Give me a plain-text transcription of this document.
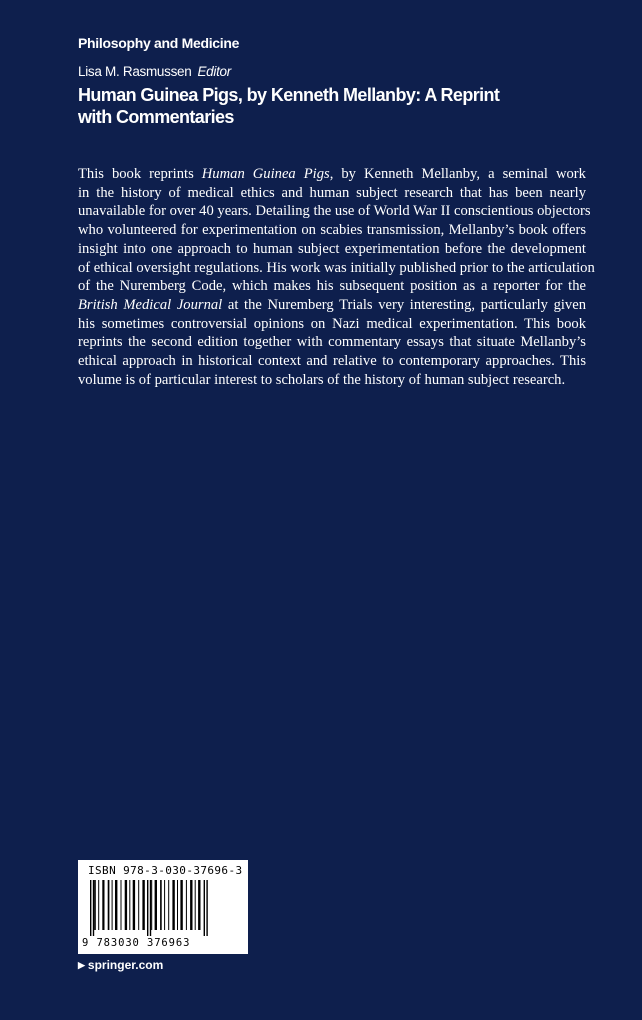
Philosophy and Medicine
Lisa M. Rasmussen Editor
Human Guinea Pigs, by Kenneth Mellanby: A Reprint
with Commentaries
This book reprints Human Guinea Pigs, by Kenneth Mellanby, a seminal work
in the history of medical ethics and human subject research that has been nearly
unavailable for over 40 years. Detailing the use of World War II conscientious objectors
who volunteered for experimentation on scabies transmission, Mellanby’s book offers
insight into one approach to human subject experimentation before the development
of ethical oversight regulations. His work was initially published prior to the articulation
of the Nuremberg Code, which makes his subsequent position as a reporter for the
British Medical Journal at the Nuremberg Trials very interesting, particularly given
his sometimes controversial opinions on Nazi medical experimentation. This book
reprints the second edition together with commentary essays that situate Mellanby’s
ethical approach in historical context and relative to contemporary approaches. This
volume is of particular interest to scholars of the history of human subject research.
ISBN 978-3-030-37696-3
9 783030 376963
▶ springer.com
